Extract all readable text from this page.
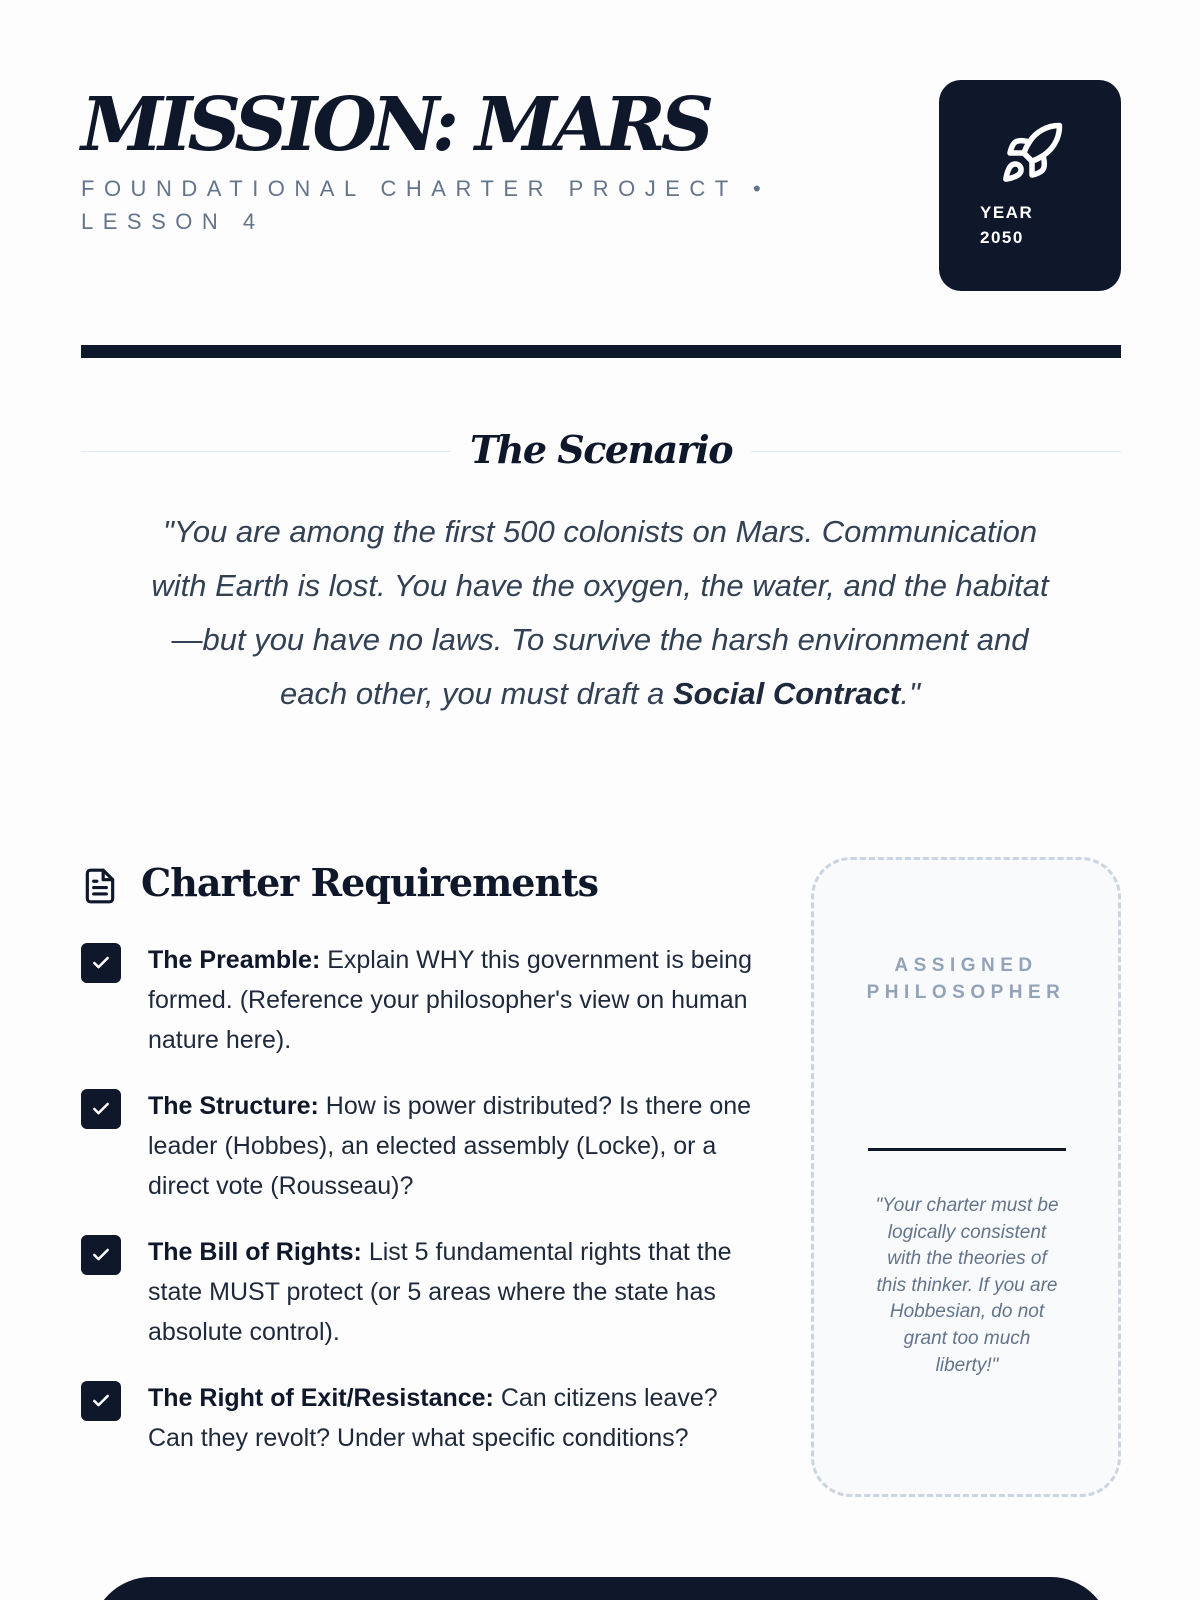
MISSION: MARS
FOUNDATIONAL CHARTER PROJECT • LESSON 4	YEAR
2050
The Scenario

"You are among the first 500 colonists on Mars. Communication with Earth is lost. You have the oxygen, the water, and the habitat—but you have no laws. To survive the harsh environment and each other, you must draft a Social Contract."

Charter Requirements
The Preamble: Explain WHY this government is being formed. (Reference your philosopher's view on human nature here).
The Structure: How is power distributed? Is there one leader (Hobbes), an elected assembly (Locke), or a direct vote (Rousseau)?
The Bill of Rights: List 5 fundamental rights that the state MUST protect (or 5 areas where the state has absolute control).
The Right of Exit/Resistance: Can citizens leave? Can they revolt? Under what specific conditions?
ASSIGNED PHILOSOPHER

"Your charter must be logically consistent with the theories of this thinker. If you are Hobbesian, do not grant too much liberty!"
